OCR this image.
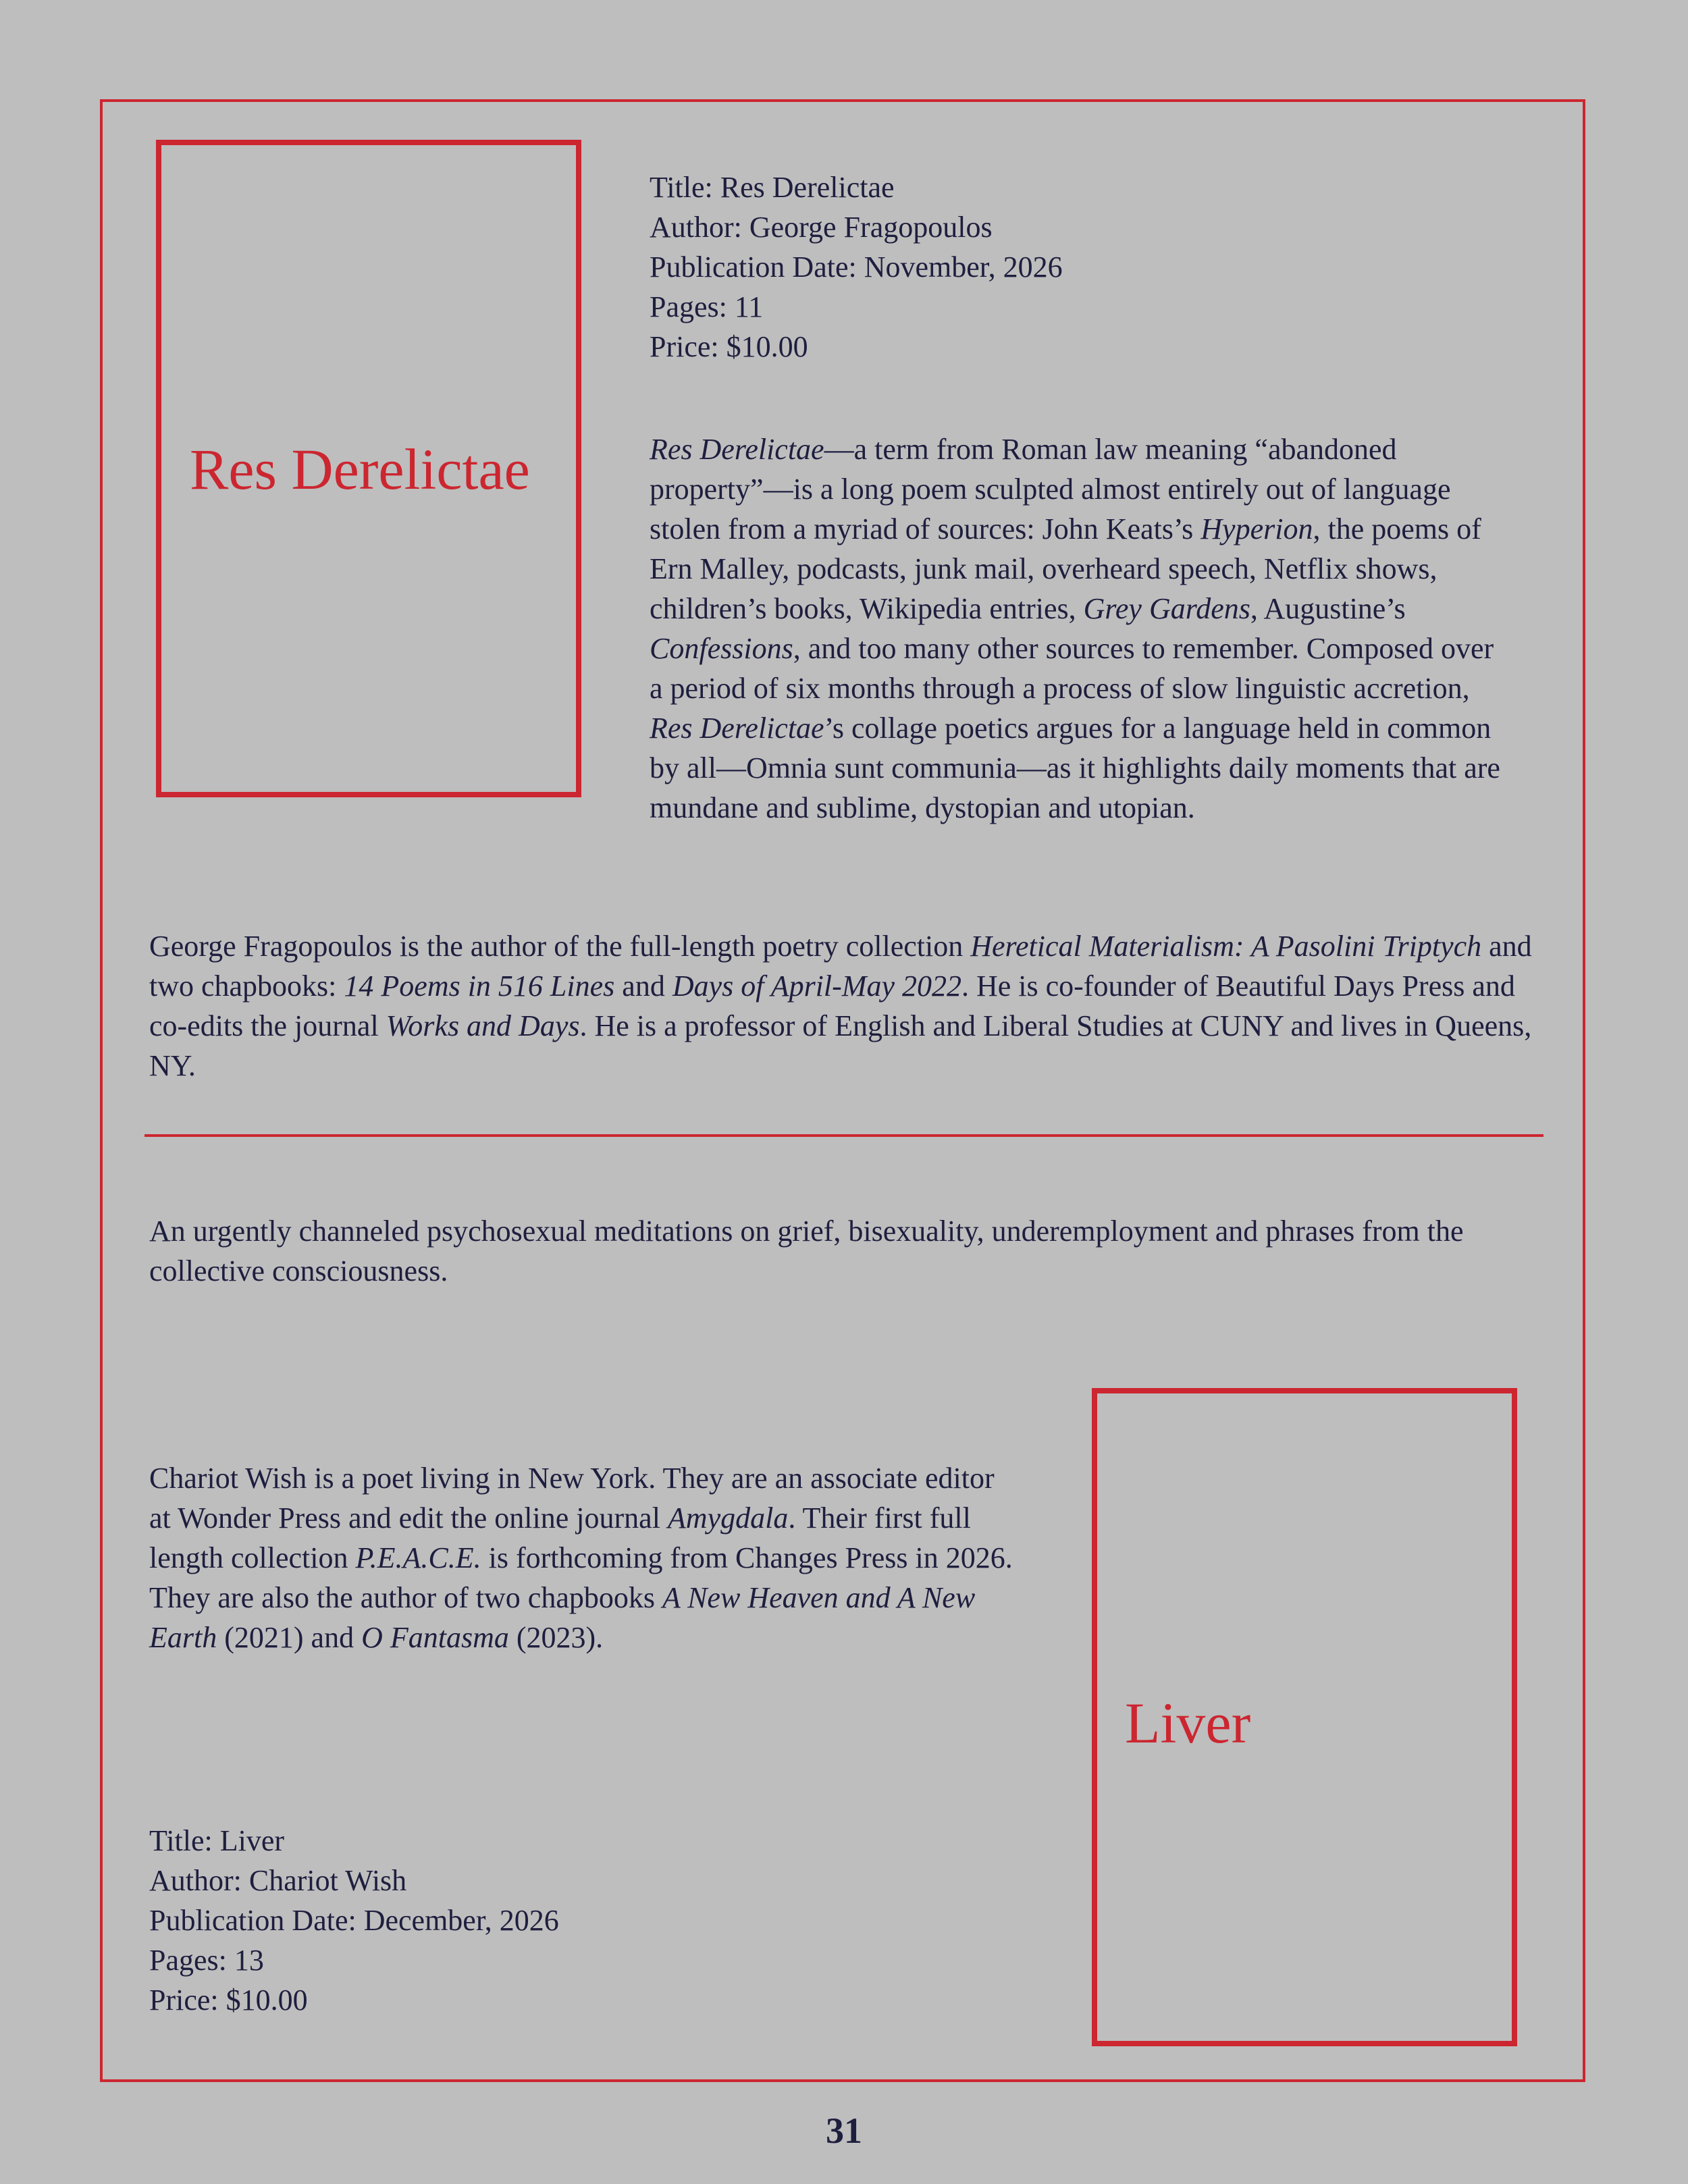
Res Derelictae
Title: Res Derelictae
Author: George Fragopoulos
Publication Date: November, 2026
Pages: 11
Price: $10.00
Res Derelictae—a term from Roman law meaning “abandoned property”—is a long poem sculpted almost entirely out of language stolen from a myriad of sources: John Keats’s Hyperion, the poems of Ern Malley, podcasts, junk mail, overheard speech, Netflix shows, children’s books, Wikipedia entries, Grey Gardens, Augustine’s Confessions, and too many other sources to remember. Composed over a period of six months through a process of slow linguistic accretion, Res Derelictae’s collage poetics argues for a language held in common by all—Omnia sunt communia—as it highlights daily moments that are mundane and sublime, dystopian and utopian.
George Fragopoulos is the author of the full-length poetry collection Heretical Materialism: A Pasolini Triptych and two chapbooks: 14 Poems in 516 Lines and Days of April-May 2022. He is co-founder of Beautiful Days Press and co-edits the journal Works and Days. He is a professor of English and Liberal Studies at CUNY and lives in Queens, NY.
An urgently channeled psychosexual meditations on grief, bisexuality, underemployment and phrases from the collective consciousness.
Chariot Wish is a poet living in New York. They are an associate editor at Wonder Press and edit the online journal Amygdala. Their first full length collection P.E.A.C.E. is forthcoming from Changes Press in 2026. They are also the author of two chapbooks A New Heaven and A New Earth (2021) and O Fantasma (2023).
Liver
Title: Liver
Author: Chariot Wish
Publication Date: December, 2026
Pages: 13
Price: $10.00
31
